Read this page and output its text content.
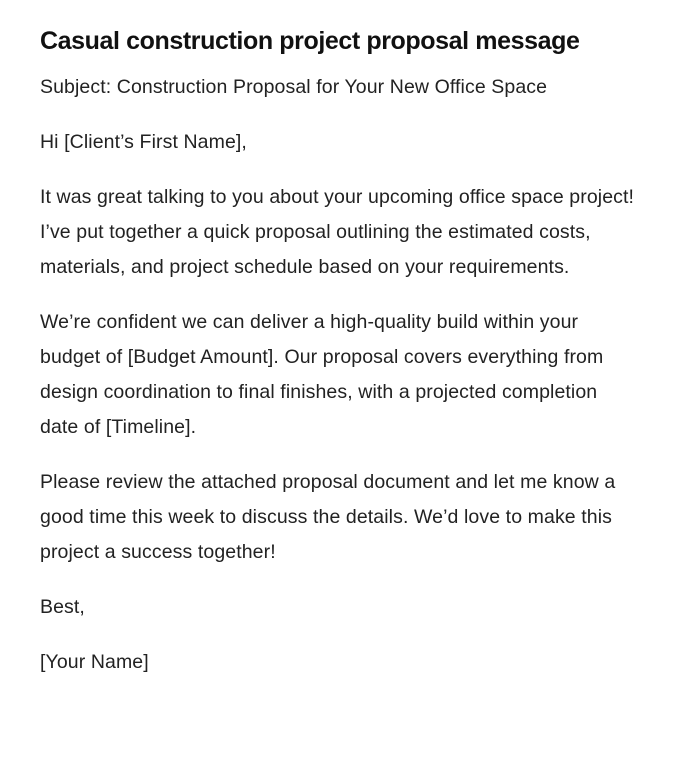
Casual construction project proposal message

Subject: Construction Proposal for Your New Office Space

Hi [Client’s First Name],

It was great talking to you about your upcoming office space project! I’ve put together a quick proposal outlining the estimated costs, materials, and project schedule based on your requirements.

We’re confident we can deliver a high-quality build within your budget of [Budget Amount]. Our proposal covers everything from design coordination to final finishes, with a projected completion date of [Timeline].

Please review the attached proposal document and let me know a good time this week to discuss the details. We’d love to make this project a success together!

Best,

[Your Name]
